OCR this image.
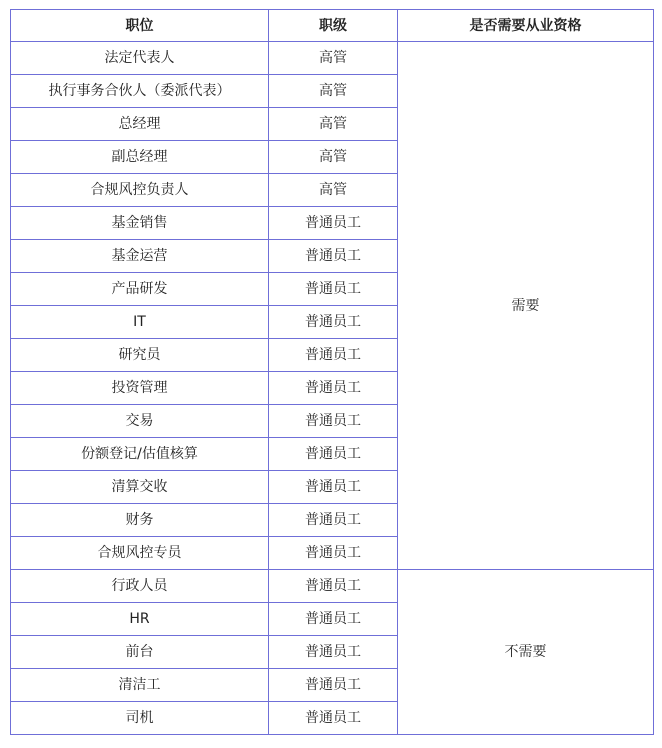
职位	职级	是否需要从业资格
法定代表人	高管	需要
执行事务合伙人（委派代表）	高管	
总经理	高管	
副总经理	高管	
合规风控负责人	高管	
基金销售	普通员工	
基金运营	普通员工	
产品研发	普通员工	
IT	普通员工	
研究员	普通员工	
投资管理	普通员工	
交易	普通员工	
份额登记/估值核算	普通员工	
清算交收	普通员工	
财务	普通员工	
合规风控专员	普通员工	
行政人员	普通员工	不需要
HR	普通员工	
前台	普通员工	
清洁工	普通员工	
司机	普通员工	
